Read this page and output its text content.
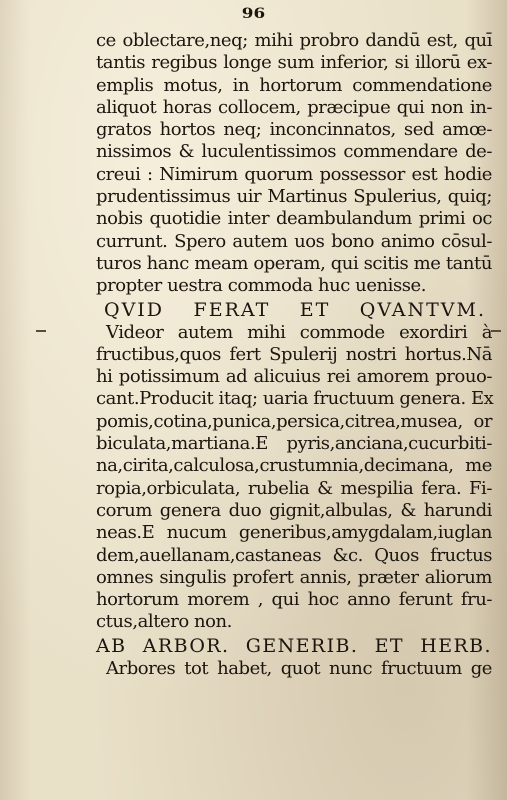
96
ce oblectare,neq; mihi probro dandū est, quī
tantis regibus longe sum inferior, si illorū ex-
emplis motus, in hortorum commendatione
aliquot horas collocem, præcipue qui non in-
gratos hortos neq; inconcinnatos, sed amœ-
nissimos & luculentissimos commendare de-
creui : Nimirum quorum possessor est hodie
prudentissimus uir Martinus Spulerius, quiq;
nobis quotidie inter deambulandum primi oc
currunt. Spero autem uos bono animo cōsul-
turos hanc meam operam, qui scitis me tantū
propter uestra commoda huc uenisse.
QVID FERAT ET QVANTVM.
Videor autem mihi commode exordiri à
fructibus,quos fert Spulerij nostri hortus.Nā
hi potissimum ad alicuius rei amorem prouo-
cant.Producit itaq; uaria fructuum genera. Ex
pomis,cotina,punica,persica,citrea,musea, or
biculata,martiana.E pyris,anciana,cucurbiti-
na,cirita,calculosa,crustumnia,decimana, me
ropia,orbiculata, rubelia & mespilia fera. Fi-
corum genera duo gignit,albulas, & harundi
neas.E nucum generibus,amygdalam,iuglan
dem,auellanam,castaneas &c. Quos fructus
omnes singulis profert annis, præter aliorum
hortorum morem , qui hoc anno ferunt fru-
ctus,altero non.
AB ARBOR. GENERIB. ET HERB.
Arbores tot habet, quot nunc fructuum ge
